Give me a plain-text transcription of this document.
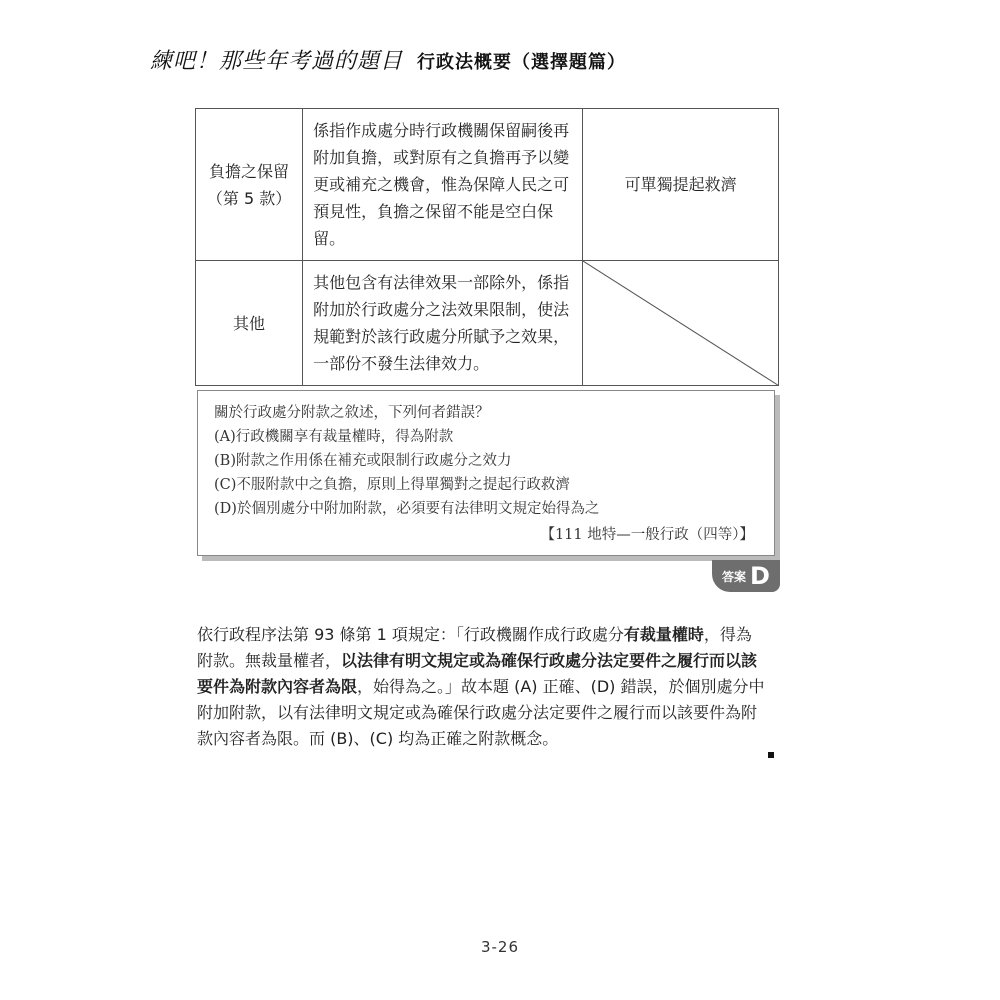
練吧！那些年考過的題目 行政法概要（選擇題篇）
負擔之保留
（第 5 款）	係指作成處分時行政機關保留嗣後再
附加負擔，或對原有之負擔再予以變
更或補充之機會，惟為保障人民之可
預見性，負擔之保留不能是空白保
留。	可單獨提起救濟

其他	其他包含有法律效果一部除外，係指
附加於行政處分之法效果限制，使法
規範對於該行政處分所賦予之效果，
一部份不發生法律效力。

關於行政處分附款之敘述，下列何者錯誤？
(A)行政機關享有裁量權時，得為附款
(B)附款之作用係在補充或限制行政處分之效力
(C)不服附款中之負擔，原則上得單獨對之提起行政救濟
(D)於個別處分中附加附款，必須要有法律明文規定始得為之
【111 地特—一般行政（四等）】
答案 D
依行政程序法第 93 條第 1 項規定：「行政機關作成行政處分有裁量權時，得為
附款。無裁量權者，以法律有明文規定或為確保行政處分法定要件之履行而以該
要件為附款內容者為限，始得為之。」故本題 (A) 正確、(D) 錯誤，於個別處分中
附加附款，以有法律明文規定或為確保行政處分法定要件之履行而以該要件為附
款內容者為限。而 (B)、(C) 均為正確之附款概念。
3-26
